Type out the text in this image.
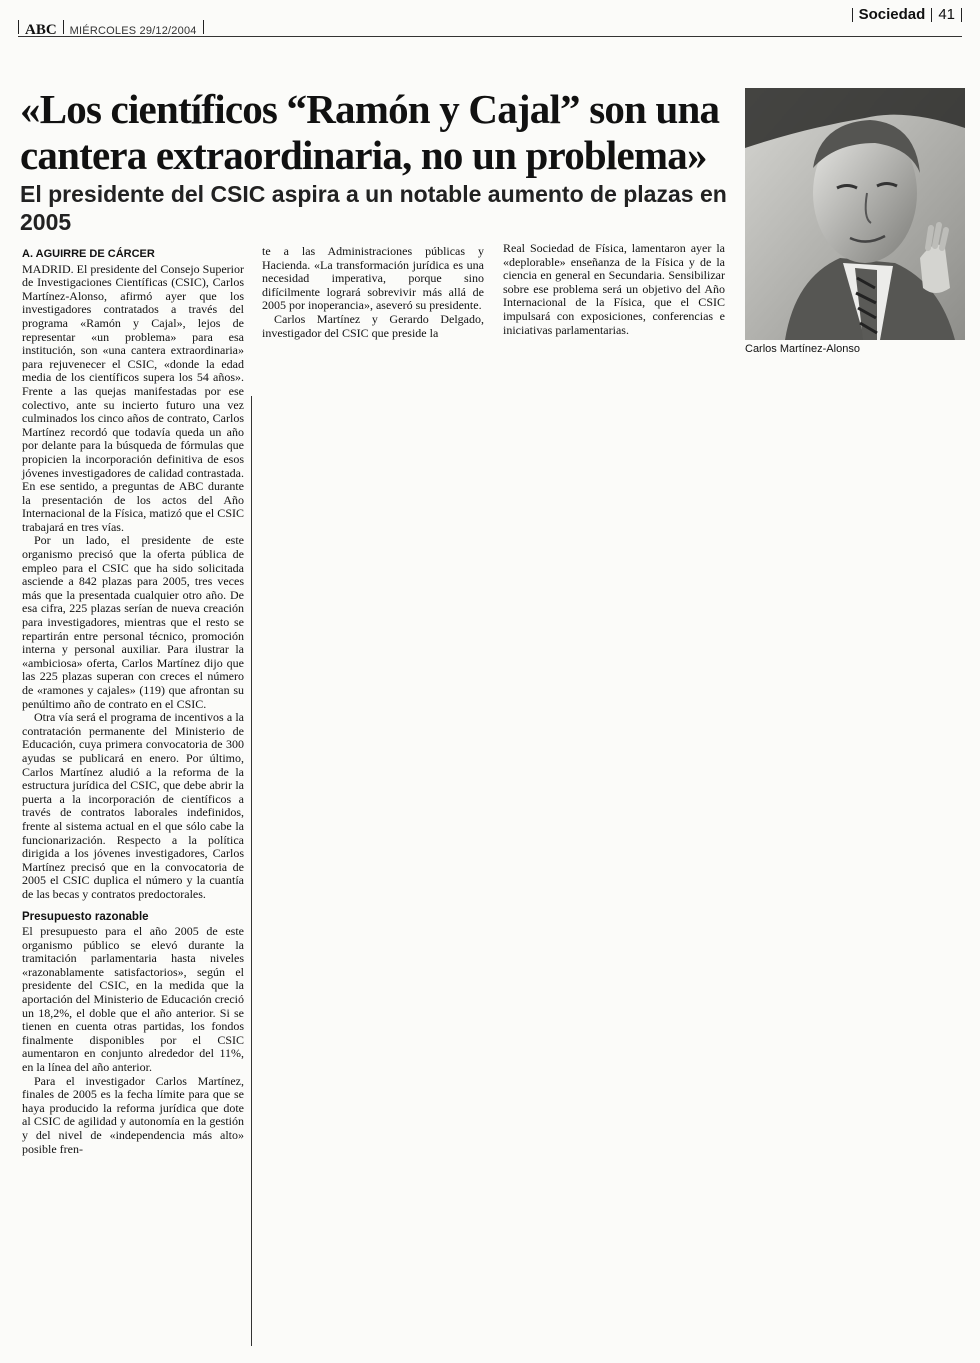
ABC MIÉRCOLES 29/12/2004
Sociedad 41
«Los científicos “Ramón y Cajal” son una cantera extraordinaria, no un problema»
El presidente del CSIC aspira a un notable aumento de plazas en 2005
Carlos Martínez-Alonso
A. AGUIRRE DE CÁRCER

MADRID. El presidente del Consejo Superior de Investigaciones Científicas (CSIC), Carlos Martínez-Alonso, afirmó ayer que los investigadores contratados a través del programa «Ramón y Cajal», lejos de representar «un problema» para esa institución, son «una cantera extraordinaria» para rejuvenecer el CSIC, «donde la edad media de los científicos supera los 54 años». Frente a las quejas manifestadas por ese colectivo, ante su incierto futuro una vez culminados los cinco años de contrato, Carlos Martínez recordó que todavía queda un año por delante para la búsqueda de fórmulas que propicien la incorporación definitiva de esos jóvenes investigadores de calidad contrastada. En ese sentido, a preguntas de ABC durante la presentación de los actos del Año Internacional de la Física, matizó que el CSIC trabajará en tres vías.

Por un lado, el presidente de este organismo precisó que la oferta pública de empleo para el CSIC que ha sido solicitada asciende a 842 plazas para 2005, tres veces más que la presentada cualquier otro año. De esa cifra, 225 plazas serían de nueva creación para investigadores, mientras que el resto se repartirán entre personal técnico, promoción interna y personal auxiliar. Para ilustrar la «ambiciosa» oferta, Carlos Martínez dijo que las 225 plazas superan con creces el número de «ramones y cajales» (119) que afrontan su penúltimo año de contrato en el CSIC.

Otra vía será el programa de incentivos a la contratación permanente del Ministerio de Educación, cuya primera convocatoria de 300 ayudas se publicará en enero. Por último, Carlos Martínez aludió a la reforma de la estructura jurídica del CSIC, que debe abrir la puerta a la incorporación de científicos a través de contratos laborales indefinidos, frente al sistema actual en el que sólo cabe la funcionarización. Respecto a la política dirigida a los jóvenes investigadores, Carlos Martínez precisó que en la convocatoria de 2005 el CSIC duplica el número y la cuantía de las becas y contratos predoctorales.

Presupuesto razonable

El presupuesto para el año 2005 de este organismo público se elevó durante la tramitación parlamentaria hasta niveles «razonablamente satisfactorios», según el presidente del CSIC, en la medida que la aportación del Ministerio de Educación creció un 18,2%, el doble que el año anterior. Si se tienen en cuenta otras partidas, los fondos finalmente disponibles por el CSIC aumentaron en conjunto alrededor del 11%, en la línea del año anterior.

Para el investigador Carlos Martínez, finales de 2005 es la fecha límite para que se haya producido la reforma jurídica que dote al CSIC de agilidad y autonomía en la gestión y del nivel de «independencia más alto» posible fren-

te a las Administraciones públicas y Hacienda. «La transformación jurídica es una necesidad imperativa, porque sino difícilmente logrará sobrevivir más allá de 2005 por inoperancia», aseveró su presidente.

Carlos Martínez y Gerardo Delgado, investigador del CSIC que preside la

Real Sociedad de Física, lamentaron ayer la «deplorable» enseñanza de la Física y de la ciencia en general en Secundaria. Sensibilizar sobre ese problema será un objetivo del Año Internacional de la Física, que el CSIC impulsará con exposiciones, conferencias e iniciativas parlamentarias.
